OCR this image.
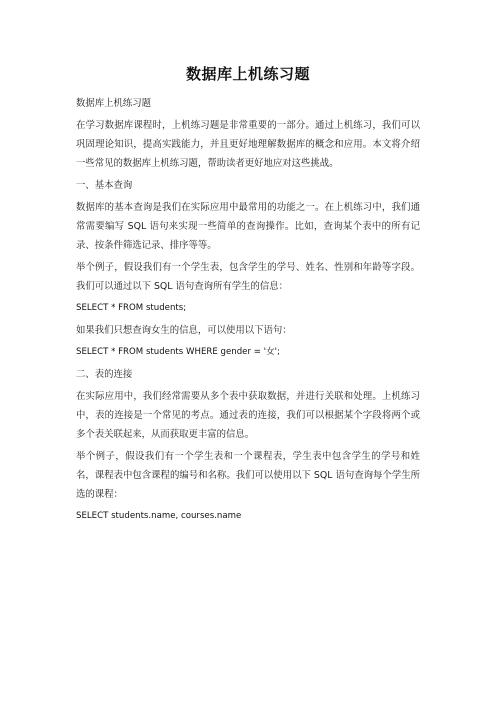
数据库上机练习题
数据库上机练习题
在学习数据库课程时，上机练习题是非常重要的一部分。通过上机练习，我们可以巩固理论知识，提高实践能力，并且更好地理解数据库的概念和应用。本文将介绍一些常见的数据库上机练习题，帮助读者更好地应对这些挑战。
一、基本查询
数据库的基本查询是我们在实际应用中最常用的功能之一。在上机练习中，我们通常需要编写 SQL 语句来实现一些简单的查询操作。比如，查询某个表中的所有记录、按条件筛选记录、排序等等。
举个例子，假设我们有一个学生表，包含学生的学号、姓名、性别和年龄等字段。我们可以通过以下 SQL 语句查询所有学生的信息：
SELECT * FROM students;
如果我们只想查询女生的信息，可以使用以下语句：
SELECT * FROM students WHERE gender = '女';
二、表的连接
在实际应用中，我们经常需要从多个表中获取数据，并进行关联和处理。上机练习中，表的连接是一个常见的考点。通过表的连接，我们可以根据某个字段将两个或多个表关联起来，从而获取更丰富的信息。
举个例子，假设我们有一个学生表和一个课程表，学生表中包含学生的学号和姓名，课程表中包含课程的编号和名称。我们可以使用以下 SQL 语句查询每个学生所选的课程：
SELECT students.name, courses.name
